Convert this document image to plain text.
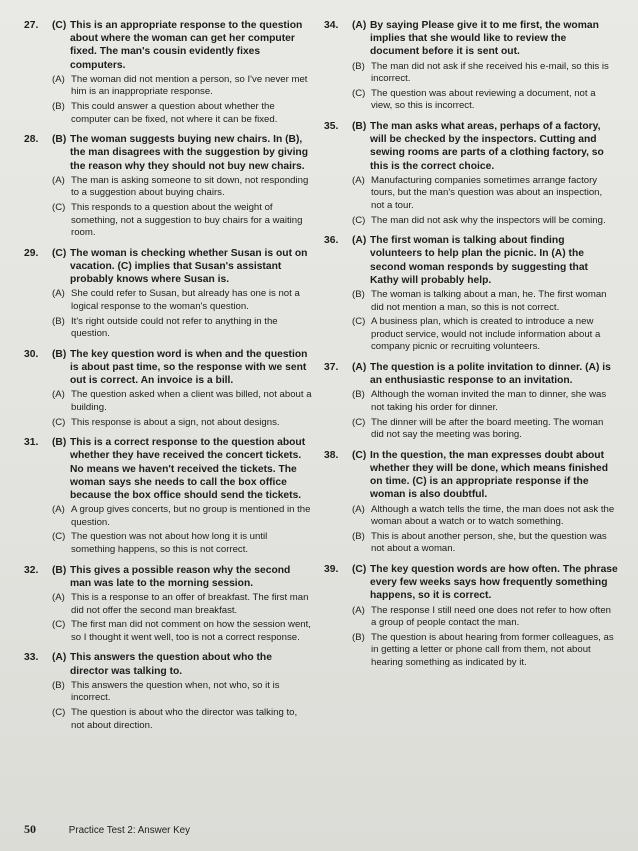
27. (C) This is an appropriate response to the question about where the woman can get her computer fixed. The man's cousin evidently fixes computers.
(A) The woman did not mention a person, so I've never met him is an inappropriate response.
(B) This could answer a question about whether the computer can be fixed, not where it can be fixed.
28. (B) The woman suggests buying new chairs. In (B), the man disagrees with the suggestion by giving the reason why they should not buy new chairs.
(A) The man is asking someone to sit down, not responding to a suggestion about buying chairs.
(C) This responds to a question about the weight of something, not a suggestion to buy chairs for a waiting room.
29. (C) The woman is checking whether Susan is out on vacation. (C) implies that Susan's assistant probably knows where Susan is.
(A) She could refer to Susan, but already has one is not a logical response to the woman's question.
(B) It's right outside could not refer to anything in the question.
30. (B) The key question word is when and the question is about past time, so the response with we sent out is correct. An invoice is a bill.
(A) The question asked when a client was billed, not about a building.
(C) This response is about a sign, not about designs.
31. (B) This is a correct response to the question about whether they have received the concert tickets. No means we haven't received the tickets. The woman says she needs to call the box office because the box office should send the tickets.
(A) A group gives concerts, but no group is mentioned in the question.
(C) The question was not about how long it is until something happens, so this is not correct.
32. (B) This gives a possible reason why the second man was late to the morning session.
(A) This is a response to an offer of breakfast. The first man did not offer the second man breakfast.
(C) The first man did not comment on how the session went, so I thought it went well, too is not a correct response.
33. (A) This answers the question about who the director was talking to.
(B) This answers the question when, not who, so it is incorrect.
(C) The question is about who the director was talking to, not about direction.
34. (A) By saying Please give it to me first, the woman implies that she would like to review the document before it is sent out.
(B) The man did not ask if she received his e-mail, so this is incorrect.
(C) The question was about reviewing a document, not a view, so this is incorrect.
35. (B) The man asks what areas, perhaps of a factory, will be checked by the inspectors. Cutting and sewing rooms are parts of a clothing factory, so this is the correct choice.
(A) Manufacturing companies sometimes arrange factory tours, but the man's question was about an inspection, not a tour.
(C) The man did not ask why the inspectors will be coming.
36. (A) The first woman is talking about finding volunteers to help plan the picnic. In (A) the second woman responds by suggesting that Kathy will probably help.
(B) The woman is talking about a man, he. The first woman did not mention a man, so this is not correct.
(C) A business plan, which is created to introduce a new product service, would not include information about a company picnic or recruiting volunteers.
37. (A) The question is a polite invitation to dinner. (A) is an enthusiastic response to an invitation.
(B) Although the woman invited the man to dinner, she was not taking his order for dinner.
(C) The dinner will be after the board meeting. The woman did not say the meeting was boring.
38. (C) In the question, the man expresses doubt about whether they will be done, which means finished on time. (C) is an appropriate response if the woman is also doubtful.
(A) Although a watch tells the time, the man does not ask the woman about a watch or to watch something.
(B) This is about another person, she, but the question was not about a woman.
39. (C) The key question words are how often. The phrase every few weeks says how frequently something happens, so it is correct.
(A) The response I still need one does not refer to how often a group of people contact the man.
(B) The question is about hearing from former colleagues, as in getting a letter or phone call from them, not about hearing something as indicated by it.
50	Practice Test 2: Answer Key
